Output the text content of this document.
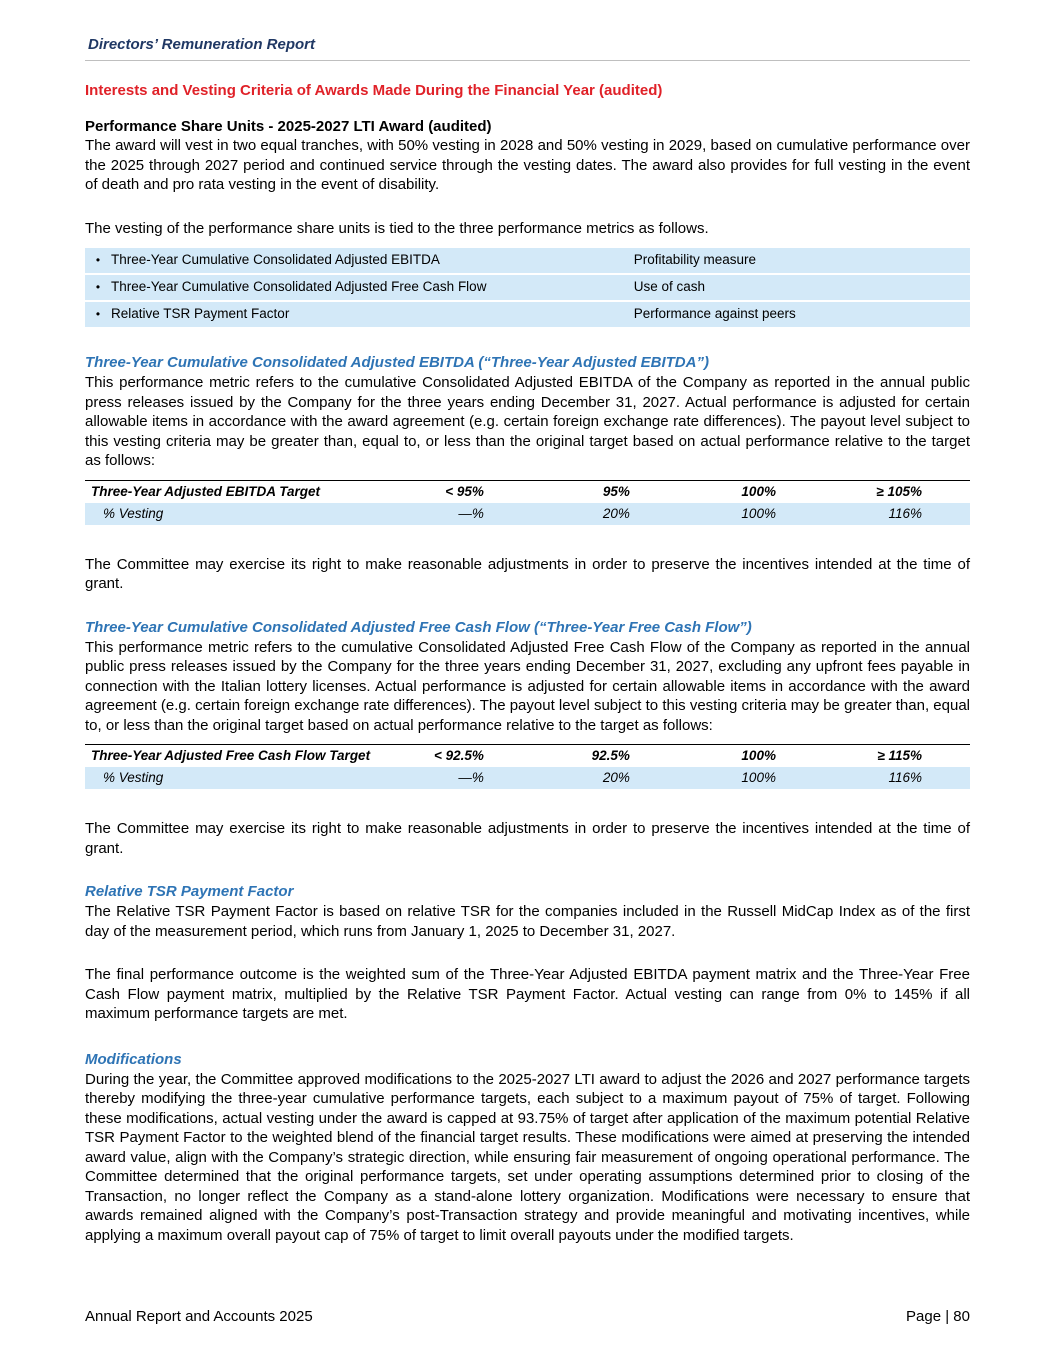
Directors’ Remuneration Report
Interests and Vesting Criteria of Awards Made During the Financial Year (audited)
Performance Share Units - 2025-2027 LTI Award (audited)

The award will vest in two equal tranches, with 50% vesting in 2028 and 50% vesting in 2029, based on cumulative performance over the 2025 through 2027 period and continued service through the vesting dates. The award also provides for full vesting in the event of death and pro rata vesting in the event of disability.

The vesting of the performance share units is tied to the three performance metrics as follows.

• Three-Year Cumulative Consolidated Adjusted EBITDA	Profitability measure
• Three-Year Cumulative Consolidated Adjusted Free Cash Flow	Use of cash
• Relative TSR Payment Factor	Performance against peers
Three-Year Cumulative Consolidated Adjusted EBITDA (“Three-Year Adjusted EBITDA”)

This performance metric refers to the cumulative Consolidated Adjusted EBITDA of the Company as reported in the annual public press releases issued by the Company for the three years ending December 31, 2027. Actual performance is adjusted for certain allowable items in accordance with the award agreement (e.g. certain foreign exchange rate differences). The payout level subject to this vesting criteria may be greater than, equal to, or less than the original target based on actual performance relative to the target as follows:

Three-Year Adjusted EBITDA Target	< 95%	95%	100%	≥ 105%
% Vesting	—%	20%	100%	116%

The Committee may exercise its right to make reasonable adjustments in order to preserve the incentives intended at the time of grant.

Three-Year Cumulative Consolidated Adjusted Free Cash Flow (“Three-Year Free Cash Flow”)

This performance metric refers to the cumulative Consolidated Adjusted Free Cash Flow of the Company as reported in the annual public press releases issued by the Company for the three years ending December 31, 2027, excluding any upfront fees payable in connection with the Italian lottery licenses. Actual performance is adjusted for certain allowable items in accordance with the award agreement (e.g. certain foreign exchange rate differences). The payout level subject to this vesting criteria may be greater than, equal to, or less than the original target based on actual performance relative to the target as follows:

Three-Year Adjusted Free Cash Flow Target	< 92.5%	92.5%	100%	≥ 115%
% Vesting	—%	20%	100%	116%

The Committee may exercise its right to make reasonable adjustments in order to preserve the incentives intended at the time of grant.

Relative TSR Payment Factor

The Relative TSR Payment Factor is based on relative TSR for the companies included in the Russell MidCap Index as of the first day of the measurement period, which runs from January 1, 2025 to December 31, 2027.

The final performance outcome is the weighted sum of the Three-Year Adjusted EBITDA payment matrix and the Three-Year Free Cash Flow payment matrix, multiplied by the Relative TSR Payment Factor. Actual vesting can range from 0% to 145% if all maximum performance targets are met.

Modifications

During the year, the Committee approved modifications to the 2025-2027 LTI award to adjust the 2026 and 2027 performance targets thereby modifying the three-year cumulative performance targets, each subject to a maximum payout of 75% of target. Following these modifications, actual vesting under the award is capped at 93.75% of target after application of the maximum potential Relative TSR Payment Factor to the weighted blend of the financial target results. These modifications were aimed at preserving the intended award value, align with the Company’s strategic direction, while ensuring fair measurement of ongoing operational performance. The Committee determined that the original performance targets, set under operating assumptions determined prior to closing of the Transaction, no longer reflect the Company as a stand-alone lottery organization. Modifications were necessary to ensure that awards remained aligned with the Company’s post-Transaction strategy and provide meaningful and motivating incentives, while applying a maximum overall payout cap of 75% of target to limit overall payouts under the modified targets.

Annual Report and Accounts 2025	Page | 80
